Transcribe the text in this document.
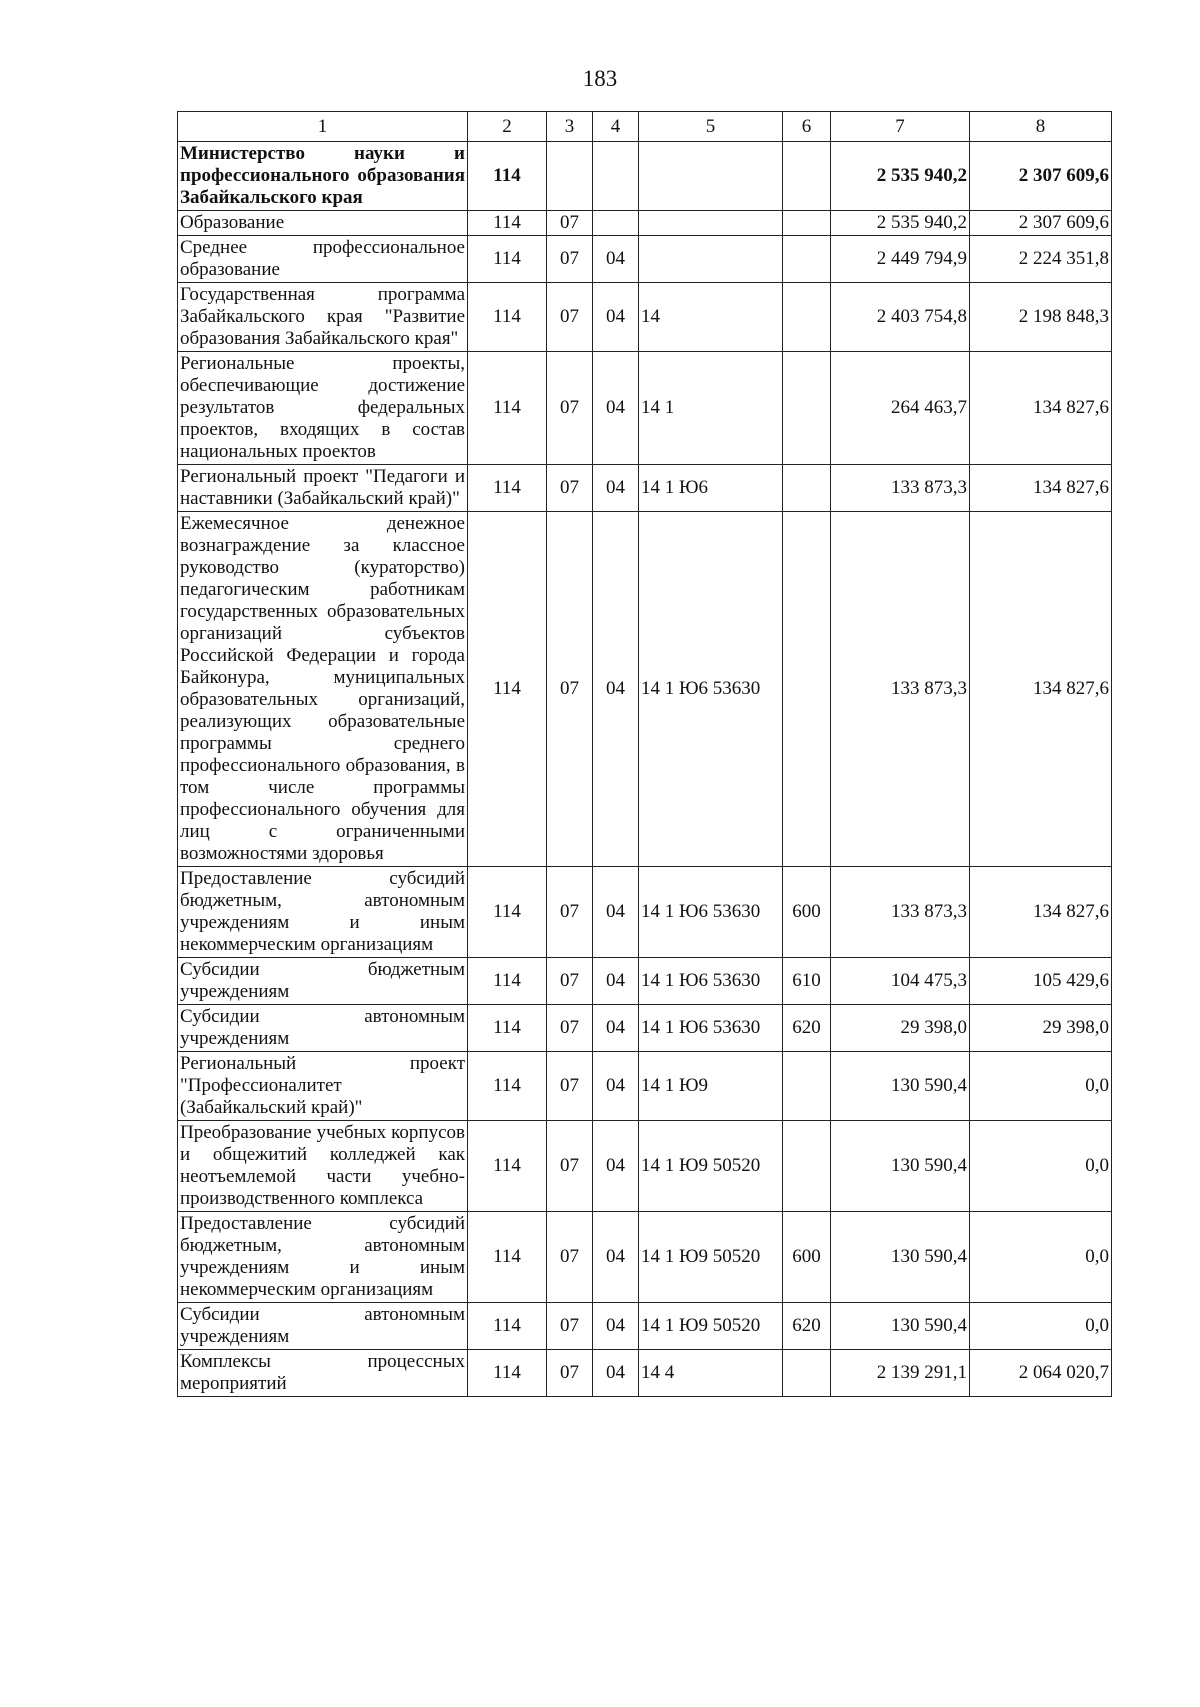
183
1	2	3	4	5	6	7	8
Министерство науки и профессионального образования Забайкальского края	114					2 535 940,2	2 307 609,6
Образование	114	07				2 535 940,2	2 307 609,6
Среднее профессиональное образование	114	07	04			2 449 794,9	2 224 351,8
Государственная программа Забайкальского края "Развитие образования Забайкальского края"	114	07	04	14		2 403 754,8	2 198 848,3
Региональные проекты, обеспечивающие достижение результатов федеральных проектов, входящих в состав национальных проектов	114	07	04	14 1		264 463,7	134 827,6
Региональный проект "Педагоги и наставники (Забайкальский край)"	114	07	04	14 1 Ю6		133 873,3	134 827,6
Ежемесячное денежное вознаграждение за классное руководство (кураторство) педагогическим работникам государственных образовательных организаций субъектов Российской Федерации и города Байконура, муниципальных образовательных организаций, реализующих образовательные программы среднего профессионального образования, в том числе программы профессионального обучения для лиц с ограниченными возможностями здоровья	114	07	04	14 1 Ю6 53630		133 873,3	134 827,6
Предоставление субсидий бюджетным, автономным учреждениям и иным некоммерческим организациям	114	07	04	14 1 Ю6 53630	600	133 873,3	134 827,6
Субсидии бюджетным учреждениям	114	07	04	14 1 Ю6 53630	610	104 475,3	105 429,6
Субсидии автономным учреждениям	114	07	04	14 1 Ю6 53630	620	29 398,0	29 398,0
Региональный проект "Профессионалитет (Забайкальский край)"	114	07	04	14 1 Ю9		130 590,4	0,0
Преобразование учебных корпусов и общежитий колледжей как неотъемлемой части учебно-производственного комплекса	114	07	04	14 1 Ю9 50520		130 590,4	0,0
Предоставление субсидий бюджетным, автономным учреждениям и иным некоммерческим организациям	114	07	04	14 1 Ю9 50520	600	130 590,4	0,0
Субсидии автономным учреждениям	114	07	04	14 1 Ю9 50520	620	130 590,4	0,0
Комплексы процессных мероприятий	114	07	04	14 4		2 139 291,1	2 064 020,7
